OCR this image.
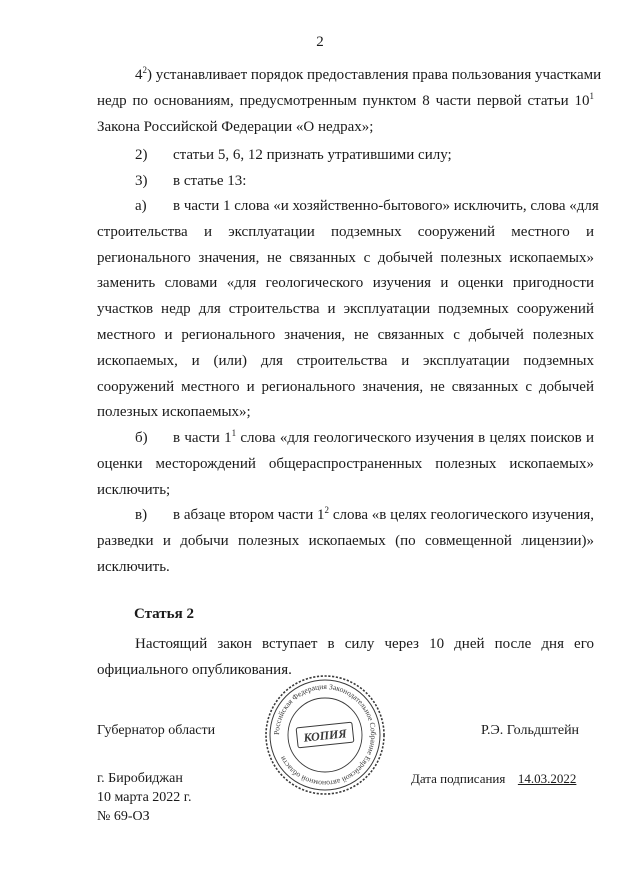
2
$4^2$) устанавливает порядок предоставления права пользования участками
недр по основаниям, предусмотренным пунктом 8 части первой статьи $10^1$
Закона Российской Федерации «О недрах»;
2) статьи 5, 6, 12 признать утратившими силу;
3) в статье 13:
а) в части 1 слова «и хозяйственно-бытового» исключить, слова «для
строительства и эксплуатации подземных сооружений местного и
регионального значения, не связанных с добычей полезных ископаемых»
заменить словами «для геологического изучения и оценки пригодности
участков недр для строительства и эксплуатации подземных сооружений
местного и регионального значения, не связанных с добычей полезных
ископаемых, и (или) для строительства и эксплуатации подземных
сооружений местного и регионального значения, не связанных с добычей
полезных ископаемых»;
б) в части $1^1$ слова «для геологического изучения в целях поисков и
оценки месторождений общераспространенных полезных ископаемых»
исключить;
в) в абзаце втором части $1^2$ слова «в целях геологического изучения,
разведки и добычи полезных ископаемых (по совмещенной лицензии)»
исключить.
Статья 2
Настоящий закон вступает в силу через 10 дней после дня его
официального опубликования.
Губернатор области	Р.Э. Гольдштейн
Российская Федерация Законодательное Собрание Еврейской автономной области
КОПИЯ
г. Биробиджан
10 марта 2022 г.
№ 69-ОЗ
Дата подписания 14.03.2022
